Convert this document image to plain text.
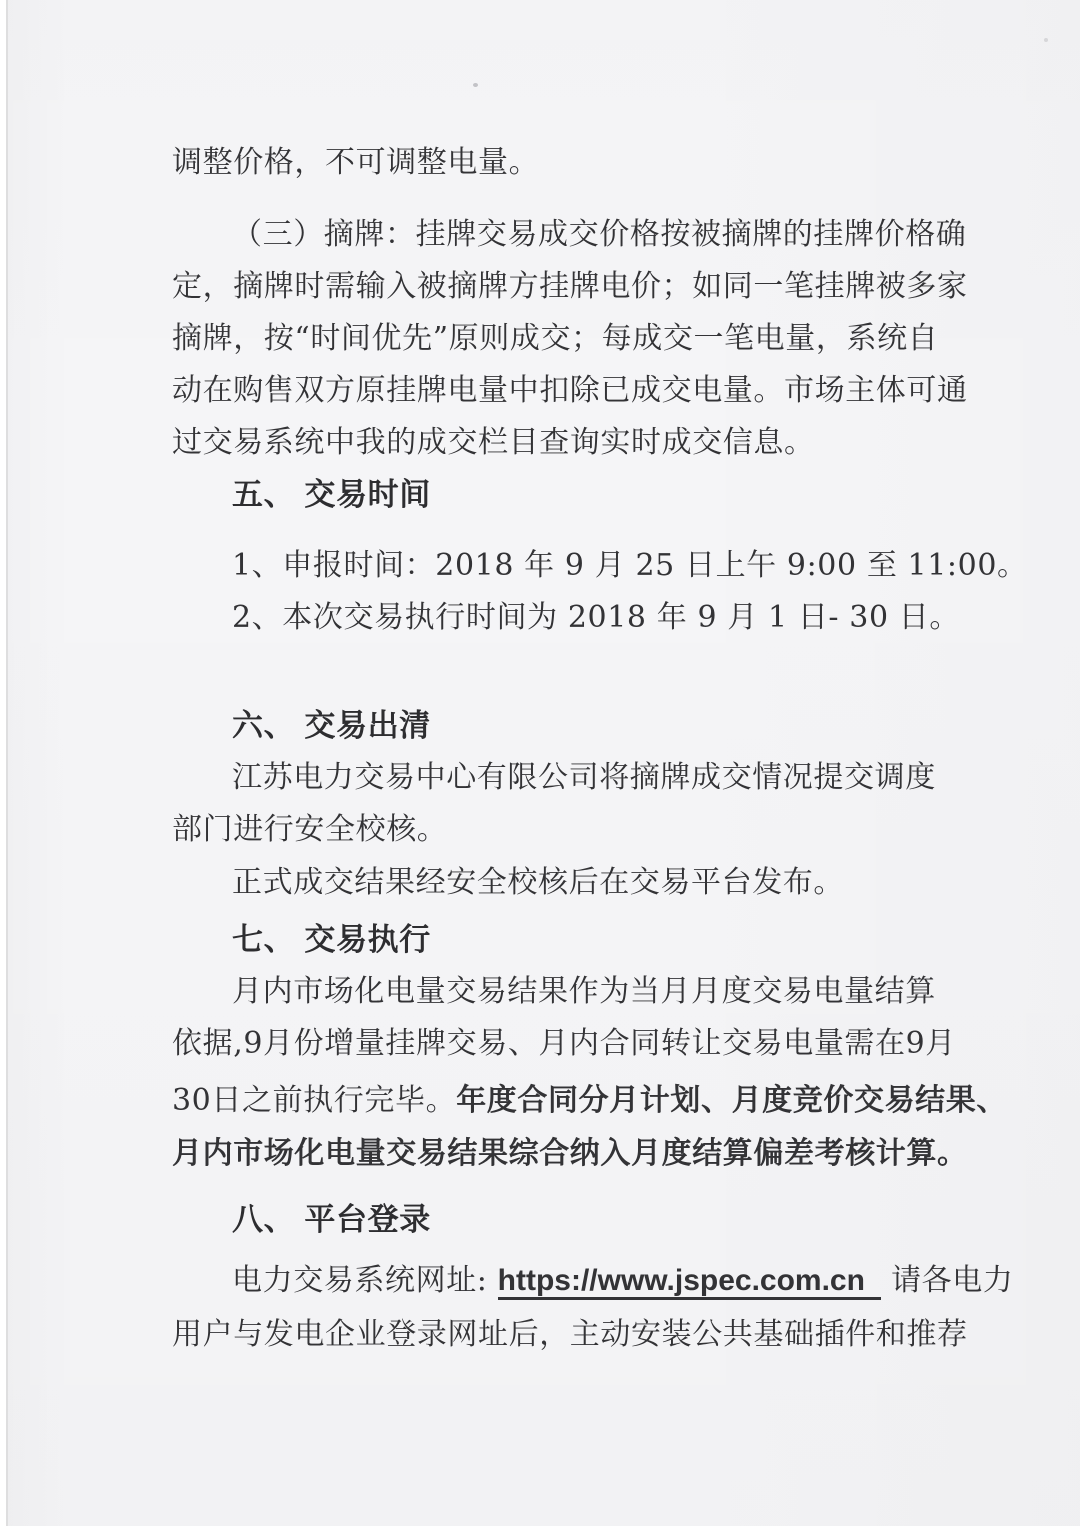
调整价格，不可调整电量。
（三）摘牌：挂牌交易成交价格按被摘牌的挂牌价格确
定，摘牌时需输入被摘牌方挂牌电价；如同一笔挂牌被多家
摘牌，按“时间优先”原则成交；每成交一笔电量，系统自
动在购售双方原挂牌电量中扣除已成交电量。市场主体可通
过交易系统中我的成交栏目查询实时成交信息。
五、 交易时间
1、申报时间：2018 年 9 月 25 日上午 9:00 至 11:00。
2、本次交易执行时间为 2018 年 9 月 1 日- 30 日。
六、 交易出清
江苏电力交易中心有限公司将摘牌成交情况提交调度
部门进行安全校核。
正式成交结果经安全校核后在交易平台发布。
七、 交易执行
月内市场化电量交易结果作为当月月度交易电量结算
依据,9月份增量挂牌交易、月内合同转让交易电量需在9月
30日之前执行完毕。年度合同分月计划、月度竞价交易结果、
月内市场化电量交易结果综合纳入月度结算偏差考核计算。
八、 平台登录
电力交易系统网址: https://www.jspec.com.cn 请各电力
用户与发电企业登录网址后，主动安装公共基础插件和推荐
